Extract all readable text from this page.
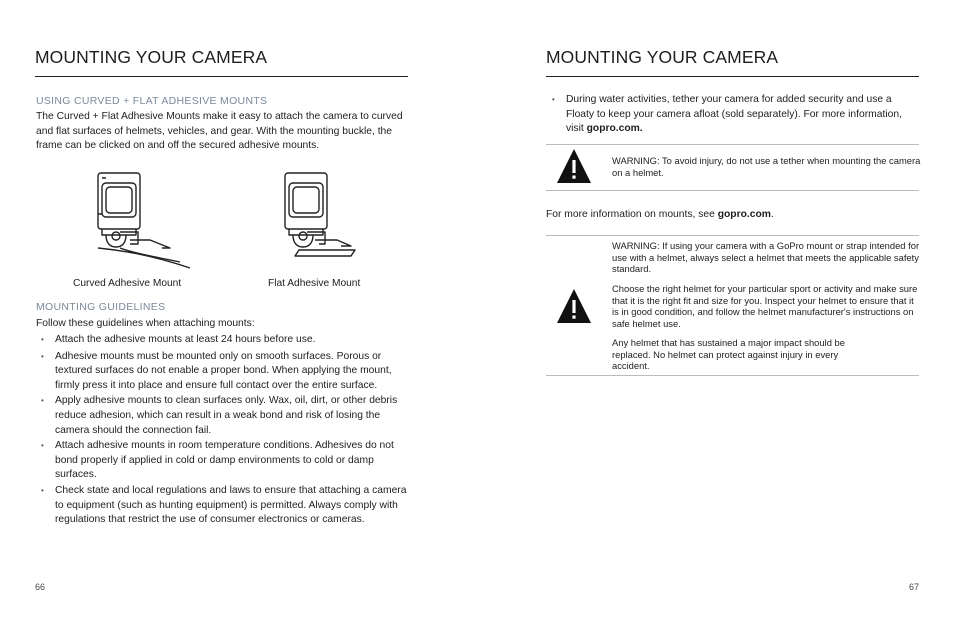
MOUNTING YOUR CAMERA

USING CURVED + FLAT ADHESIVE MOUNTS

The Curved + Flat Adhesive Mounts make it easy to attach the camera to curved and flat surfaces of helmets, vehicles, and gear. With the mounting buckle, the frame can be clicked on and off the secured adhesive mounts.

Curved Adhesive Mount	Flat Adhesive Mount

MOUNTING GUIDELINES

Follow these guidelines when attaching mounts:

• Attach the adhesive mounts at least 24 hours before use.
• Adhesive mounts must be mounted only on smooth surfaces. Porous or textured surfaces do not enable a proper bond. When applying the mount, firmly press it into place and ensure full contact over the entire surface.
• Apply adhesive mounts to clean surfaces only. Wax, oil, dirt, or other debris reduce adhesion, which can result in a weak bond and risk of losing the camera should the connection fail.
• Attach adhesive mounts in room temperature conditions. Adhesives do not bond properly if applied in cold or damp environments to cold or damp surfaces.
• Check state and local regulations and laws to ensure that attaching a camera to equipment (such as hunting equipment) is permitted. Always comply with regulations that restrict the use of consumer electronics or cameras.
66
MOUNTING YOUR CAMERA
• During water activities, tether your camera for added security and use a Floaty to keep your camera afloat (sold separately). For more information, visit gopro.com.
WARNING: To avoid injury, do not use a tether when mounting the camera on a helmet.

For more information on mounts, see gopro.com.

WARNING: If using your camera with a GoPro mount or strap intended for use with a helmet, always select a helmet that meets the applicable safety standard.
Choose the right helmet for your particular sport or activity and make sure that it is the right fit and size for you. Inspect your helmet to ensure that it is in good condition, and follow the helmet manufacturer's instructions on safe helmet use.
Any helmet that has sustained a major impact should be replaced. No helmet can protect against injury in every accident.
67
